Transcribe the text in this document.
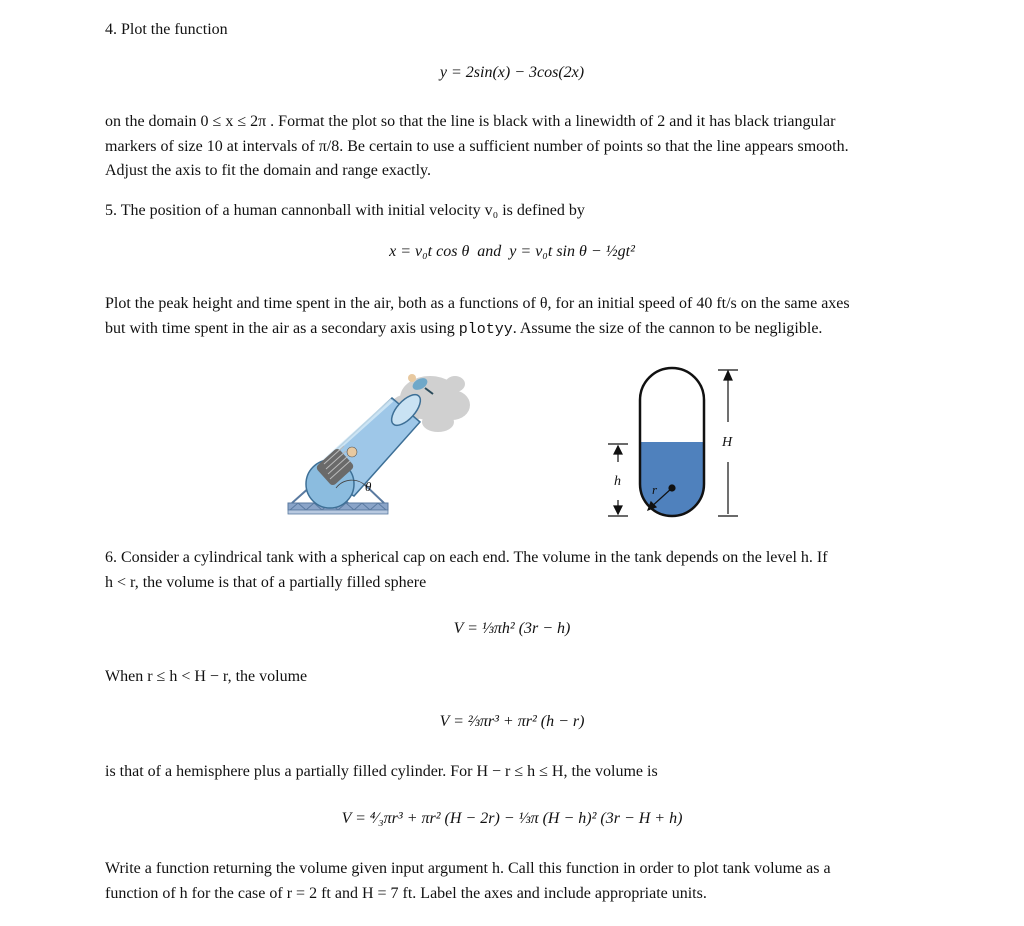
4. Plot the function

y = 2sin(x) − 3cos(2x)

on the domain 0 ≤ x ≤ 2π . Format the plot so that the line is black with a linewidth of 2 and it has black triangular
markers of size 10 at intervals of π/8. Be certain to use a sufficient number of points so that the line appears smooth.
Adjust the axis to fit the domain and range exactly.

5. The position of a human cannonball with initial velocity v₀ is defined by

x = v₀t cos θ  and  y = v₀t sin θ − ½gt²

Plot the peak height and time spent in the air, both as a functions of θ, for an initial speed of 40 ft/s on the same axes
but with time spent in the air as a secondary axis using plotyy. Assume the size of the cannon to be negligible.

θ
H
h
r

6. Consider a cylindrical tank with a spherical cap on each end. The volume in the tank depends on the level h. If
h < r, the volume is that of a partially filled sphere

V = ⅓πh² (3r − h)

When r ≤ h < H − r, the volume

V = ⅔πr³ + πr² (h − r)

is that of a hemisphere plus a partially filled cylinder. For H − r ≤ h ≤ H, the volume is

V = ⁴⁄₃πr³ + πr² (H − 2r) − ⅓π (H − h)² (3r − H + h)

Write a function returning the volume given input argument h. Call this function in order to plot tank volume as a
function of h for the case of r = 2 ft and H = 7 ft. Label the axes and include appropriate units.
